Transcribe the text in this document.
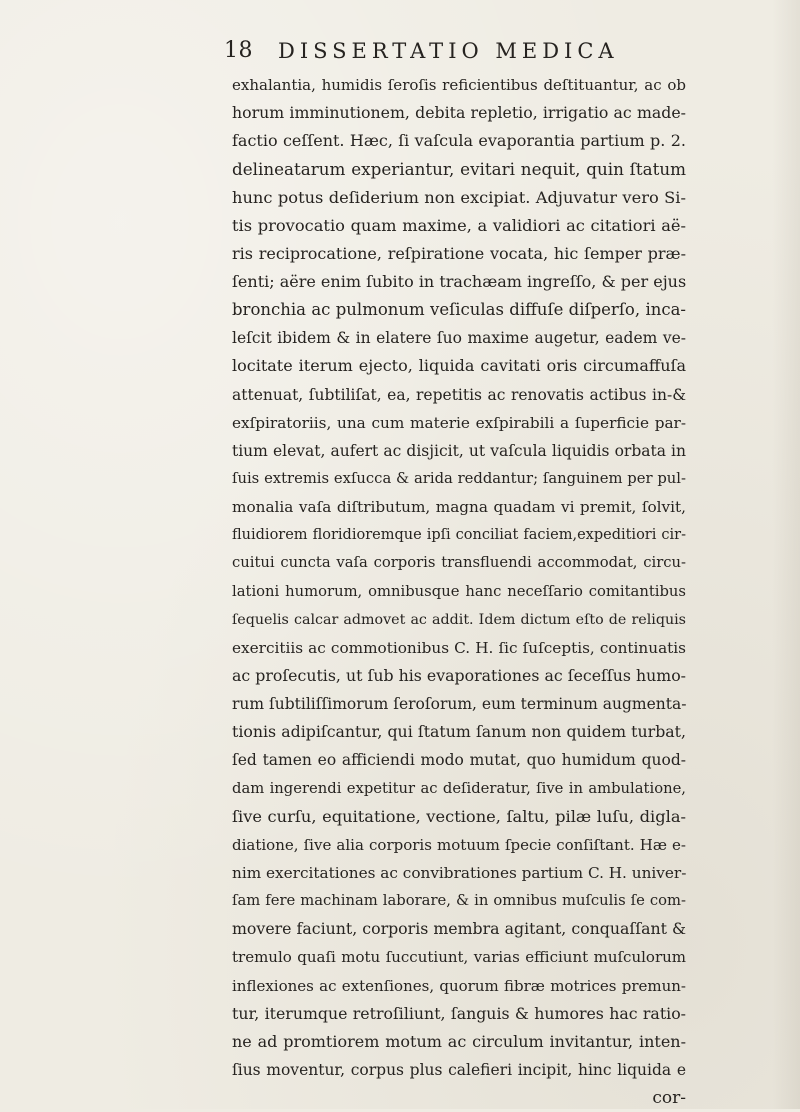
18 DISSERTATIO MEDICA
exhalantia, humidis ſeroſis reficientibus deſtituantur, ac ob
horum imminutionem, debita repletio, irrigatio ac made-
factio ceſſent. Hæc, ſi vaſcula evaporantia partium p. 2.
delineatarum experiantur, evitari nequit, quin ſtatum
hunc potus deſiderium non excipiat. Adjuvatur vero Si-
tis provocatio quam maxime, a validiori ac citatiori aë-
ris reciprocatione, reſpiratione vocata, hic ſemper præ-
ſenti; aëre enim ſubito in trachæam ingreſſo, & per ejus
bronchia ac pulmonum veſiculas diffuſe diſperſo, inca-
leſcit ibidem & in elatere ſuo maxime augetur, eadem ve-
locitate iterum ejecto, liquida cavitati oris circumaffuſa
attenuat, ſubtiliſat, ea, repetitis ac renovatis actibus in-&
exſpiratoriis, una cum materie exſpirabili a ſuperficie par-
tium elevat, aufert ac disjicit, ut vaſcula liquidis orbata in
ſuis extremis exſucca & arida reddantur; ſanguinem per pul-
monalia vaſa diſtributum, magna quadam vi premit, ſolvit,
fluidiorem floridioremque ipſi conciliat faciem,expeditiori cir-
cuitui cuncta vaſa corporis transfluendi accommodat, circu-
lationi humorum, omnibusque hanc neceſſario comitantibus
ſequelis calcar admovet ac addit. Idem dictum eſto de reliquis
exercitiis ac commotionibus C. H. ſic ſuſceptis, continuatis
ac proſecutis, ut ſub his evaporationes ac ſeceſſus humo-
rum ſubtiliſſimorum ſeroſorum, eum terminum augmenta-
tionis adipiſcantur, qui ſtatum ſanum non quidem turbat,
ſed tamen eo afficiendi modo mutat, quo humidum quod-
dam ingerendi expetitur ac deſideratur, ſive in ambulatione,
ſive curſu, equitatione, vectione, ſaltu, pilæ luſu, digla-
diatione, ſive alia corporis motuum ſpecie conſiſtant. Hæ e-
nim exercitationes ac convibrationes partium C. H. univer-
ſam fere machinam laborare, & in omnibus muſculis ſe com-
movere faciunt, corporis membra agitant, conquaſſant &
tremulo quaſi motu ſuccutiunt, varias efficiunt muſculorum
inflexiones ac extenſiones, quorum fibræ motrices premun-
tur, iterumque retroſiliunt, ſanguis & humores hac ratio-
ne ad promtiorem motum ac circulum invitantur, inten-
ſius moventur, corpus plus calefieri incipit, hinc liquida e
cor-
